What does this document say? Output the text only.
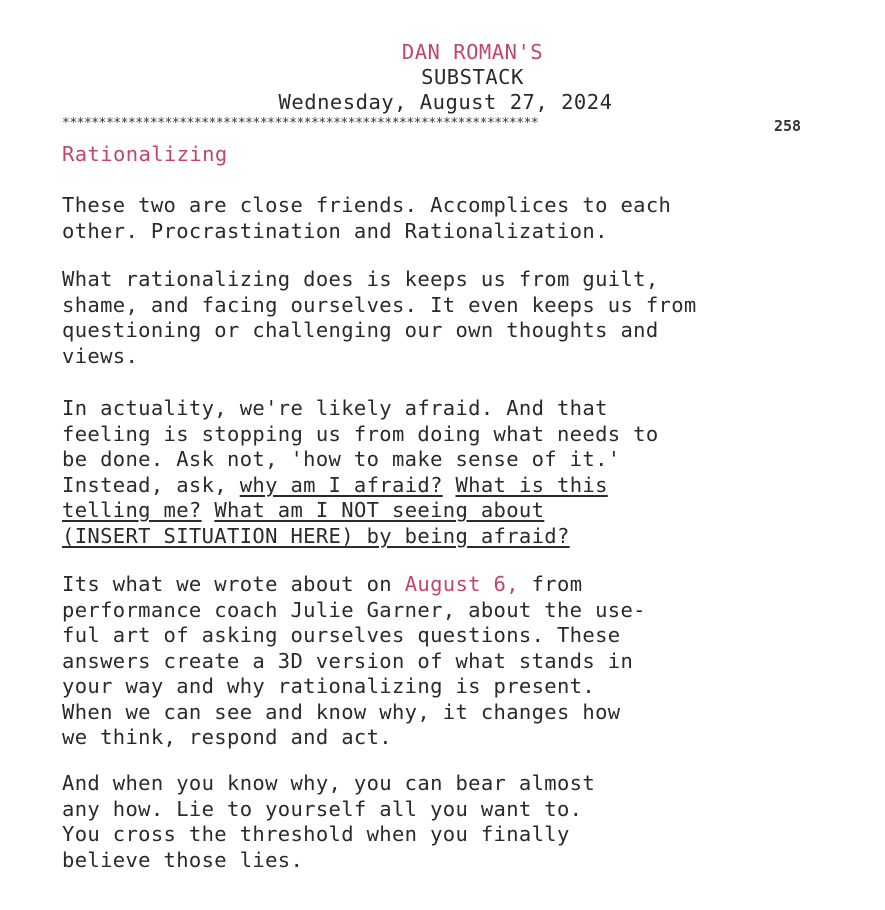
DAN ROMAN'S
SUBSTACK
Wednesday, August 27, 2024
*****************************************************************	258
Rationalizing
These two are close friends. Accomplices to each
other. Procrastination and Rationalization.
What rationalizing does is keeps us from guilt,
shame, and facing ourselves. It even keeps us from
questioning or challenging our own thoughts and
views.
In actuality, we're likely afraid. And that
feeling is stopping us from doing what needs to
be done. Ask not, 'how to make sense of it.'
Instead, ask, why am I afraid? What is this
telling me? What am I NOT seeing about
(INSERT SITUATION HERE) by being afraid?
Its what we wrote about on August 6, from
performance coach Julie Garner, about the use-
ful art of asking ourselves questions. These
answers create a 3D version of what stands in
your way and why rationalizing is present.
When we can see and know why, it changes how
we think, respond and act.
And when you know why, you can bear almost
any how. Lie to yourself all you want to.
You cross the threshold when you finally
believe those lies.
